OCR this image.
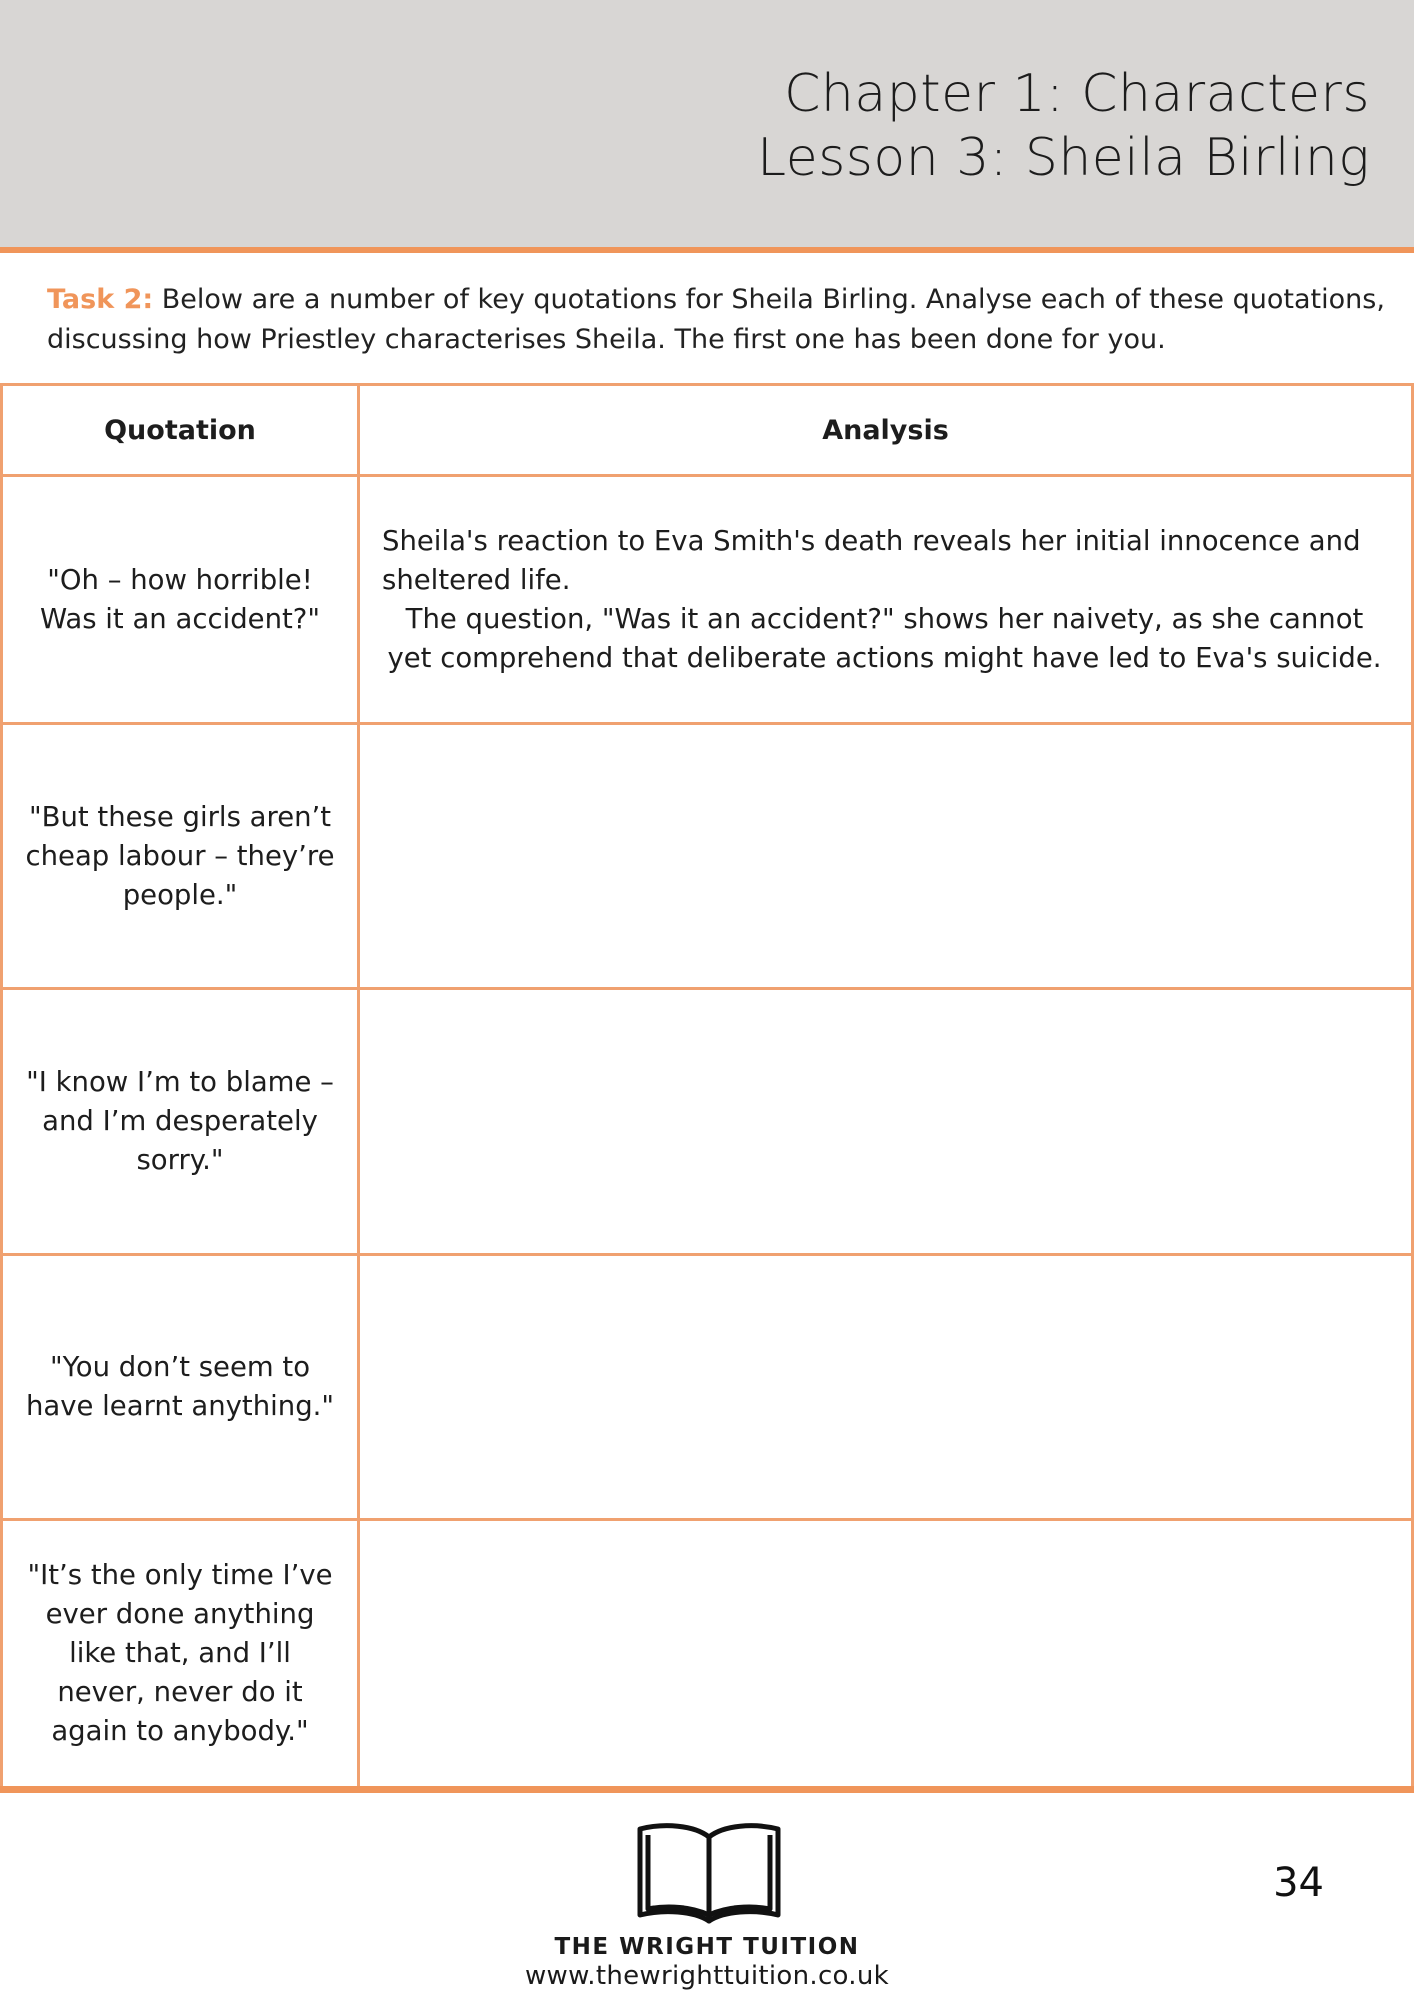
Chapter 1: Characters
Lesson 3: Sheila Birling
Task 2: Below are a number of key quotations for Sheila Birling. Analyse each of these quotations, discussing how Priestley characterises Sheila. The first one has been done for you.
Quotation	Analysis
"Oh – how horrible! Was it an accident?"	Sheila's reaction to Eva Smith's death reveals her initial innocence and sheltered life.
The question, "Was it an accident?" shows her naivety, as she cannot yet comprehend that deliberate actions might have led to Eva's suicide.

"But these girls aren’t cheap labour – they’re people."	
"I know I’m to blame – and I’m desperately sorry."	
"You don’t seem to have learnt anything."	
"It’s the only time I’ve ever done anything like that, and I’ll never, never do it again to anybody."	
THE WRIGHT TUITION
www.thewrighttuition.co.uk
34
